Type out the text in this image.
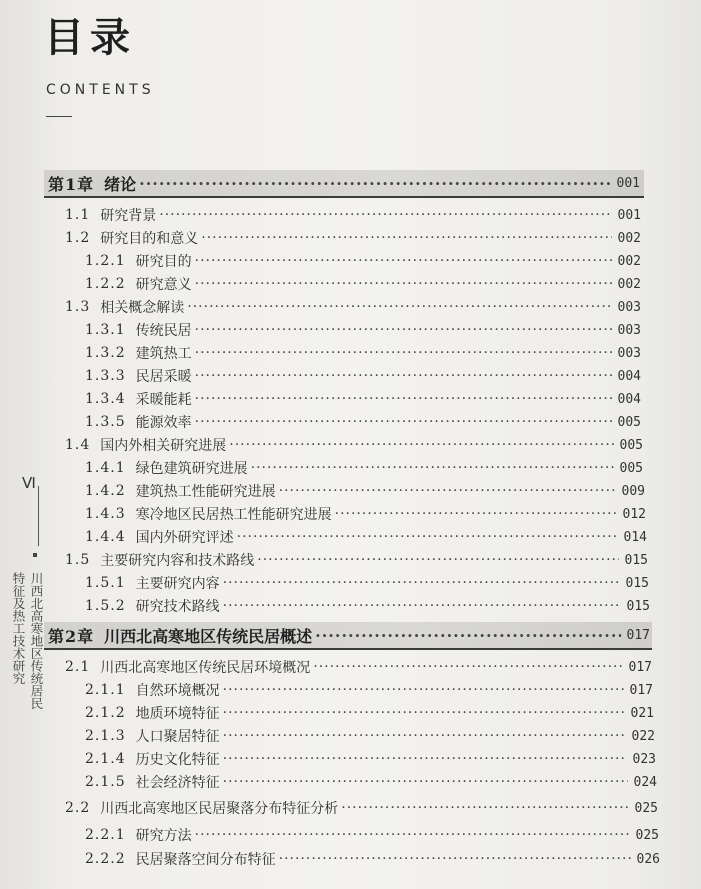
目录
CONTENTS
Ⅵ
川西北高寒地区传统居民
特征及热工技术研究
第1章 绪论 ·····	001
1.1 研究背景 ·····	001
1.2 研究目的和意义 ·····	002
1.2.1 研究目的 ·····	002
1.2.2 研究意义 ·····	002
1.3 相关概念解读 ·····	003
1.3.1 传统民居 ·····	003
1.3.2 建筑热工 ·····	003
1.3.3 民居采暖 ·····	004
1.3.4 采暖能耗 ·····	004
1.3.5 能源效率 ·····	005
1.4 国内外相关研究进展 ·····	005
1.4.1 绿色建筑研究进展 ·····	005
1.4.2 建筑热工性能研究进展 ·····	009
1.4.3 寒冷地区民居热工性能研究进展 ·····	012
1.4.4 国内外研究评述 ·····	014
1.5 主要研究内容和技术路线 ·····	015
1.5.1 主要研究内容 ·····	015
1.5.2 研究技术路线 ·····	015
第2章 川西北高寒地区传统民居概述 ·····	017
2.1 川西北高寒地区传统民居环境概况 ·····	017
2.1.1 自然环境概况 ·····	017
2.1.2 地质环境特征 ·····	021
2.1.3 人口聚居特征 ·····	022
2.1.4 历史文化特征 ·····	023
2.1.5 社会经济特征 ·····	024
2.2 川西北高寒地区民居聚落分布特征分析 ·····	025
2.2.1 研究方法 ·····	025
2.2.2 民居聚落空间分布特征 ·····	026
